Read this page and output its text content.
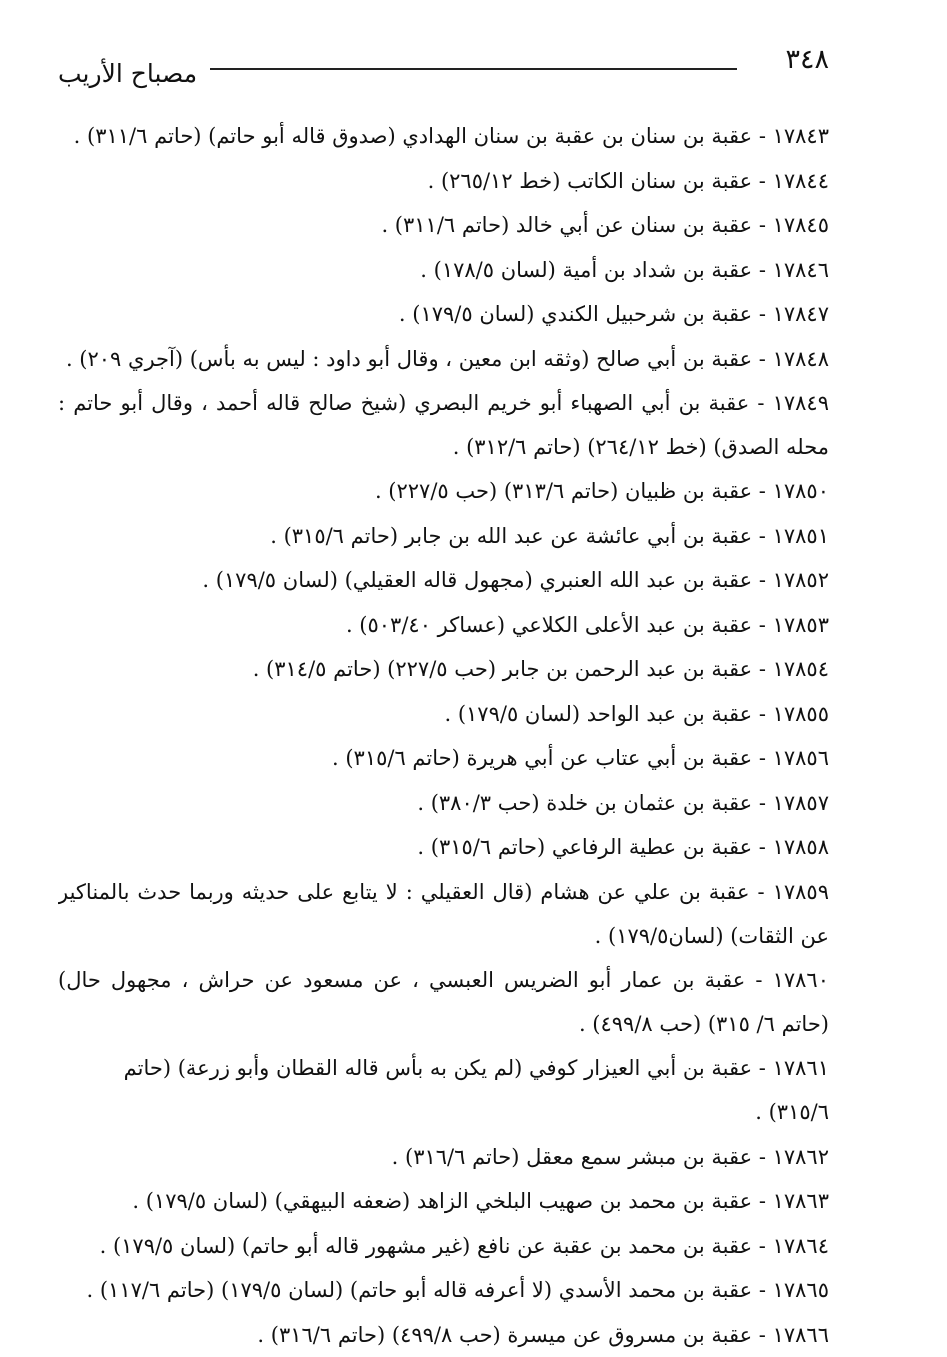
٣٤٨
مصباح الأريب
١٧٨٤٣ - عقبة بن سنان بن عقبة بن سنان الهدادي (صدوق قاله أبو حاتم) (حاتم ٣١١/٦) .
١٧٨٤٤ - عقبة بن سنان الكاتب (خط ٢٦٥/١٢) .
١٧٨٤٥ - عقبة بن سنان عن أبي خالد (حاتم ٣١١/٦) .
١٧٨٤٦ - عقبة بن شداد بن أمية (لسان ١٧٨/٥) .
١٧٨٤٧ - عقبة بن شرحبيل الكندي (لسان ١٧٩/٥) .
١٧٨٤٨ - عقبة بن أبي صالح (وثقه ابن معين ، وقال أبو داود : ليس به بأس) (آجري ٢٠٩) .
١٧٨٤٩ - عقبة بن أبي الصهباء أبو خريم البصري (شيخ صالح قاله أحمد ، وقال أبو حاتم : محله الصدق) (خط ٢٦٤/١٢) (حاتم ٣١٢/٦) .
١٧٨٥٠ - عقبة بن ظبيان (حاتم ٣١٣/٦) (حب ٢٢٧/٥) .
١٧٨٥١ - عقبة بن أبي عائشة عن عبد الله بن جابر (حاتم ٣١٥/٦) .
١٧٨٥٢ - عقبة بن عبد الله العنبري (مجهول قاله العقيلي) (لسان ١٧٩/٥) .
١٧٨٥٣ - عقبة بن عبد الأعلى الكلاعي (عساكر ٥٠٣/٤٠) .
١٧٨٥٤ - عقبة بن عبد الرحمن بن جابر (حب ٢٢٧/٥) (حاتم ٣١٤/٥) .
١٧٨٥٥ - عقبة بن عبد الواحد (لسان ١٧٩/٥) .
١٧٨٥٦ - عقبة بن أبي عتاب عن أبي هريرة (حاتم ٣١٥/٦) .
١٧٨٥٧ - عقبة بن عثمان بن خلدة (حب ٣٨٠/٣) .
١٧٨٥٨ - عقبة بن عطية الرفاعي (حاتم ٣١٥/٦) .
١٧٨٥٩ - عقبة بن علي عن هشام (قال العقيلي : لا يتابع على حديثه وربما حدث بالمناكير عن الثقات) (لسان١٧٩/٥) .
١٧٨٦٠ - عقبة بن عمار أبو الضريس العبسي ، عن مسعود عن حراش ، مجهول حال) (حاتم ٦/ ٣١٥) (حب ٤٩٩/٨) .
١٧٨٦١ - عقبة بن أبي العيزار كوفي (لم يكن به بأس قاله القطان وأبو زرعة) (حاتم ٣١٥/٦) .
١٧٨٦٢ - عقبة بن مبشر سمع معقل (حاتم ٣١٦/٦) .
١٧٨٦٣ - عقبة بن محمد بن صهيب البلخي الزاهد (ضعفه البيهقي) (لسان ١٧٩/٥) .
١٧٨٦٤ - عقبة بن محمد بن عقبة عن نافع (غير مشهور قاله أبو حاتم) (لسان ١٧٩/٥) .
١٧٨٦٥ - عقبة بن محمد الأسدي (لا أعرفه قاله أبو حاتم) (لسان ١٧٩/٥) (حاتم ١١٧/٦) .
١٧٨٦٦ - عقبة بن مسروق عن ميسرة (حب ٤٩٩/٨) (حاتم ٣١٦/٦) .
